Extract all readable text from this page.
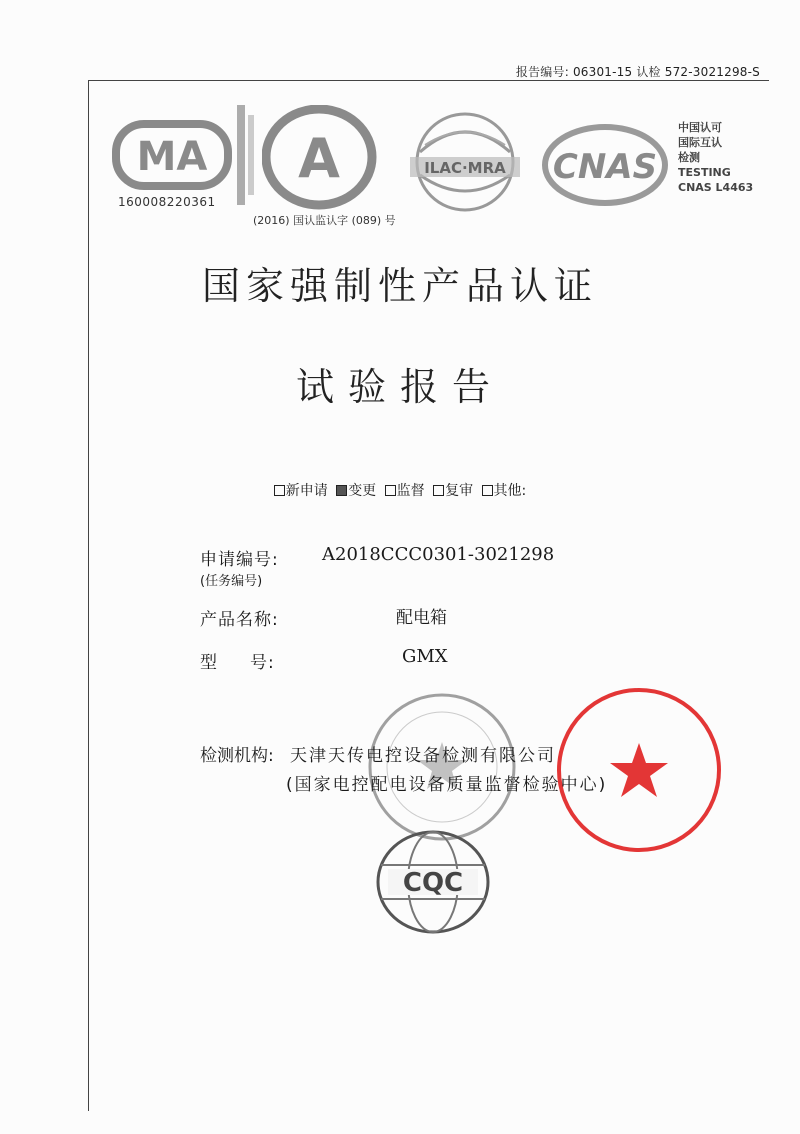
报告编号: 06301-15 认检 572-3021298-S
MA
160008220361
A
(2016) 国认监认字 (089) 号
ILAC·MRA CNAS
中国认可
国际互认
检测
TESTING
CNAS L4463
国家强制性产品认证
试验报告
新申请 变更 监督 复审 其他:
申请编号:
(任务编号)
A2018CCC0301-3021298
产品名称:	配电箱
型     号:	GMX
检测机构: 天津天传电控设备检测有限公司
(国家电控配电设备质量监督检验中心)
CQC
